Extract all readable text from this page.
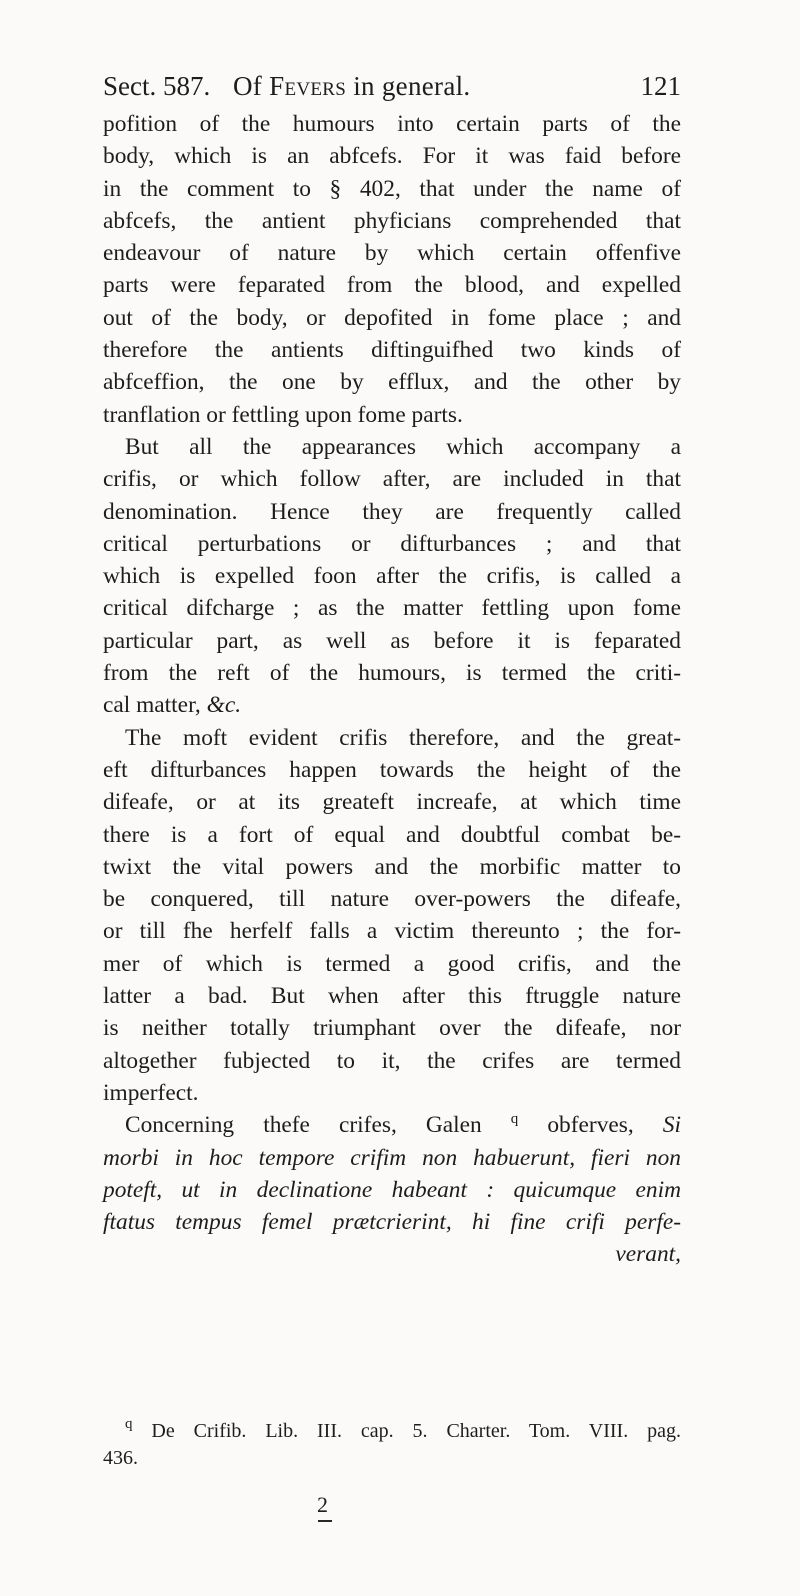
Sect. 587. Of Fevers in general.	121
pofition of the humours into certain parts of the
body, which is an abfcefs. For it was faid before
in the comment to § 402, that under the name of
abfcefs, the antient phyficians comprehended that
endeavour of nature by which certain offenfive
parts were feparated from the blood, and expelled
out of the body, or depofited in fome place ; and
therefore the antients diftinguifhed two kinds of
abfceffion, the one by efflux, and the other by
tranflation or fettling upon fome parts.
But all the appearances which accompany a
crifis, or which follow after, are included in that
denomination. Hence they are frequently called
critical perturbations or difturbances ; and that
which is expelled foon after the crifis, is called a
critical difcharge ; as the matter fettling upon fome
particular part, as well as before it is feparated
from the reft of the humours, is termed the criti-
cal matter, &c.
The moft evident crifis therefore, and the great-
eft difturbances happen towards the height of the
difeafe, or at its greateft increafe, at which time
there is a fort of equal and doubtful combat be-
twixt the vital powers and the morbific matter to
be conquered, till nature over-powers the difeafe,
or till fhe herfelf falls a victim thereunto ; the for-
mer of which is termed a good crifis, and the
latter a bad. But when after this ftruggle nature
is neither totally triumphant over the difeafe, nor
altogether fubjected to it, the crifes are termed
imperfect.
Concerning thefe crifes, Galen $^q$ obferves, Si
morbi in hoc tempore crifim non habuerunt, fieri non
poteft, ut in declinatione habeant : quicumque enim
ftatus tempus femel prætcrierint, hi fine crifi perfe-
verant,
$^q$ De Crifib. Lib. III. cap. 5. Charter. Tom. VIII. pag.
436.
2
